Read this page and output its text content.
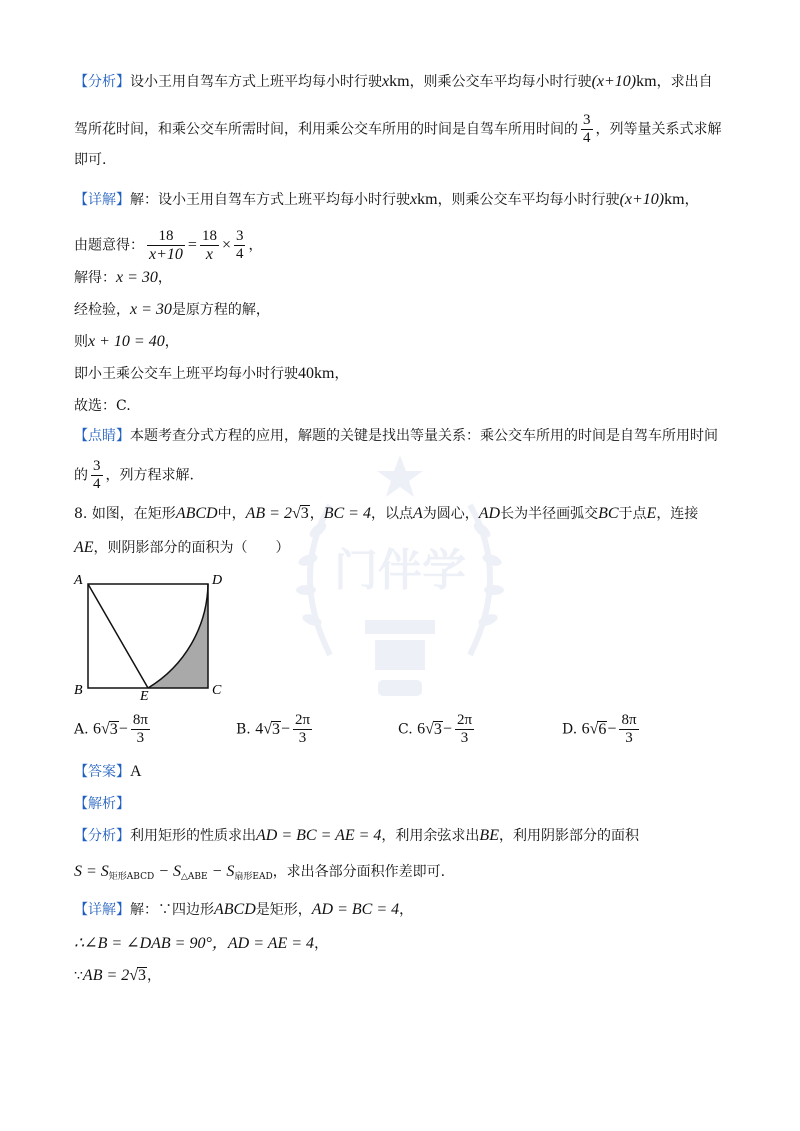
门伴学
【分析】设小王用自驾车方式上班平均每小时行驶xkm，则乘公交车平均每小时行驶(x+10)km，求出自
驾所花时间，和乘公交车所需时间，利用乘公交车所用的时间是自驾车所用时间的 $\frac{3}{4}$ ，列等量关系式求解
即可.
【详解】解：设小王用自驾车方式上班平均每小时行驶xkm，则乘公交车平均每小时行驶(x+10)km，
由题意得： $\frac{18}{x+10} = \frac{18}{x} \times \frac{3}{4}$ ，
解得：x = 30，
经检验，x = 30是原方程的解，
则x + 10 = 40，
即小王乘公交车上班平均每小时行驶40km，
故选：C.
【点睛】本题考查分式方程的应用，解题的关键是找出等量关系：乘公交车所用的时间是自驾车所用时间
的 $\frac{3}{4}$ ，列方程求解.
8. 如图，在矩形ABCD中，AB = 2√3，BC = 4，以点A为圆心，AD长为半径画弧交BC于点E，连接
AE，则阴影部分的面积为（　　）
A	D
B	C
E
A. $6√3- \frac{8\pi}{3}$	B. $4√3- \frac{2\pi}{3}$	C. $6√3- \frac{2\pi}{3}$	D. $6√6- \frac{8\pi}{3}$
【答案】A
【解析】
【分析】利用矩形的性质求出AD = BC = AE = 4，利用余弦求出BE，利用阴影部分的面积
$S = S_{矩形ABCD} - S_{\triangle ABE} - S_{扇形EAD}$，求出各部分面积作差即可.
【详解】解：∵四边形ABCD是矩形，AD = BC = 4，
∴∠B = ∠DAB = 90°，AD = AE = 4，
∵AB = 2√3，
